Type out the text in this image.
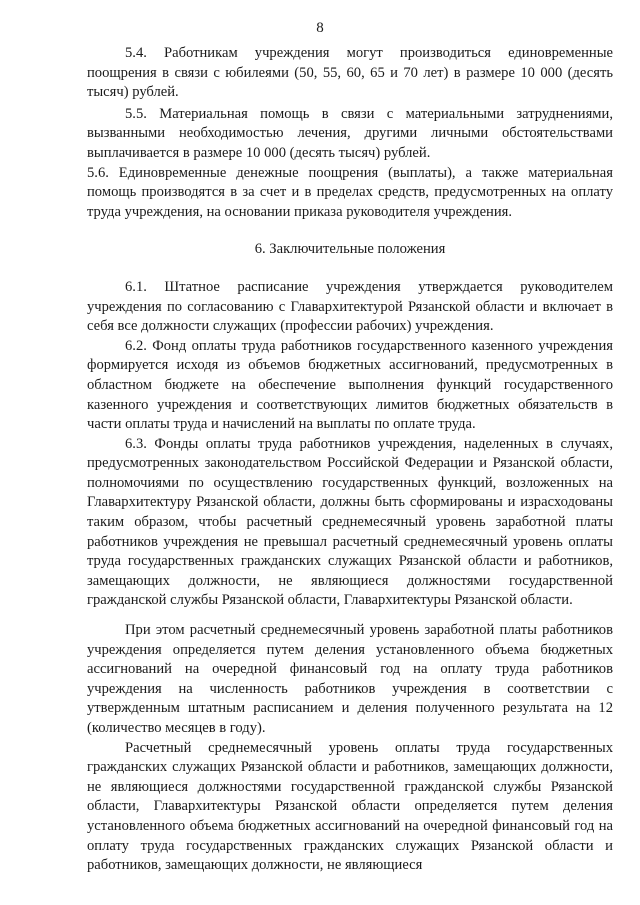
8

5.4. Работникам учреждения могут производиться единовременные поощрения в связи с юбилеями (50, 55, 60, 65 и 70 лет) в размере 10 000 (десять тысяч) рублей.

5.5. Материальная помощь в связи с материальными затруднениями, вызванными необходимостью лечения, другими личными обстоятельствами выплачивается в размере 10 000 (десять тысяч) рублей.

5.6. Единовременные денежные поощрения (выплаты), а также материальная помощь производятся в за счет и в пределах средств, предусмотренных на оплату труда учреждения, на основании приказа руководителя учреждения.

6. Заключительные положения

6.1. Штатное расписание учреждения утверждается руководителем учреждения по согласованию с Главархитектурой Рязанской области и включает в себя все должности служащих (профессии рабочих) учреждения.

6.2. Фонд оплаты труда работников государственного казенного учреждения формируется исходя из объемов бюджетных ассигнований, предусмотренных в областном бюджете на обеспечение выполнения функций государственного казенного учреждения и соответствующих лимитов бюджетных обязательств в части оплаты труда и начислений на выплаты по оплате труда.

6.3. Фонды оплаты труда работников учреждения, наделенных в случаях, предусмотренных законодательством Российской Федерации и Рязанской области, полномочиями по осуществлению государственных функций, возложенных на Главархитектуру Рязанской области, должны быть сформированы и израсходованы таким образом, чтобы расчетный среднемесячный уровень заработной платы работников учреждения не превышал расчетный среднемесячный уровень оплаты труда государственных гражданских служащих Рязанской области и работников, замещающих должности, не являющиеся должностями государственной гражданской службы Рязанской области, Главархитектуры Рязанской области.

При этом расчетный среднемесячный уровень заработной платы работников учреждения определяется путем деления установленного объема бюджетных ассигнований на очередной финансовый год на оплату труда работников учреждения на численность работников учреждения в соответствии с утвержденным штатным расписанием и деления полученного результата на 12 (количество месяцев в году).

Расчетный среднемесячный уровень оплаты труда государственных гражданских служащих Рязанской области и работников, замещающих должности, не являющиеся должностями государственной гражданской службы Рязанской области, Главархитектуры Рязанской области определяется путем деления установленного объема бюджетных ассигнований на очередной финансовый год на оплату труда государственных гражданских служащих Рязанской области и работников, замещающих должности, не являющиеся
